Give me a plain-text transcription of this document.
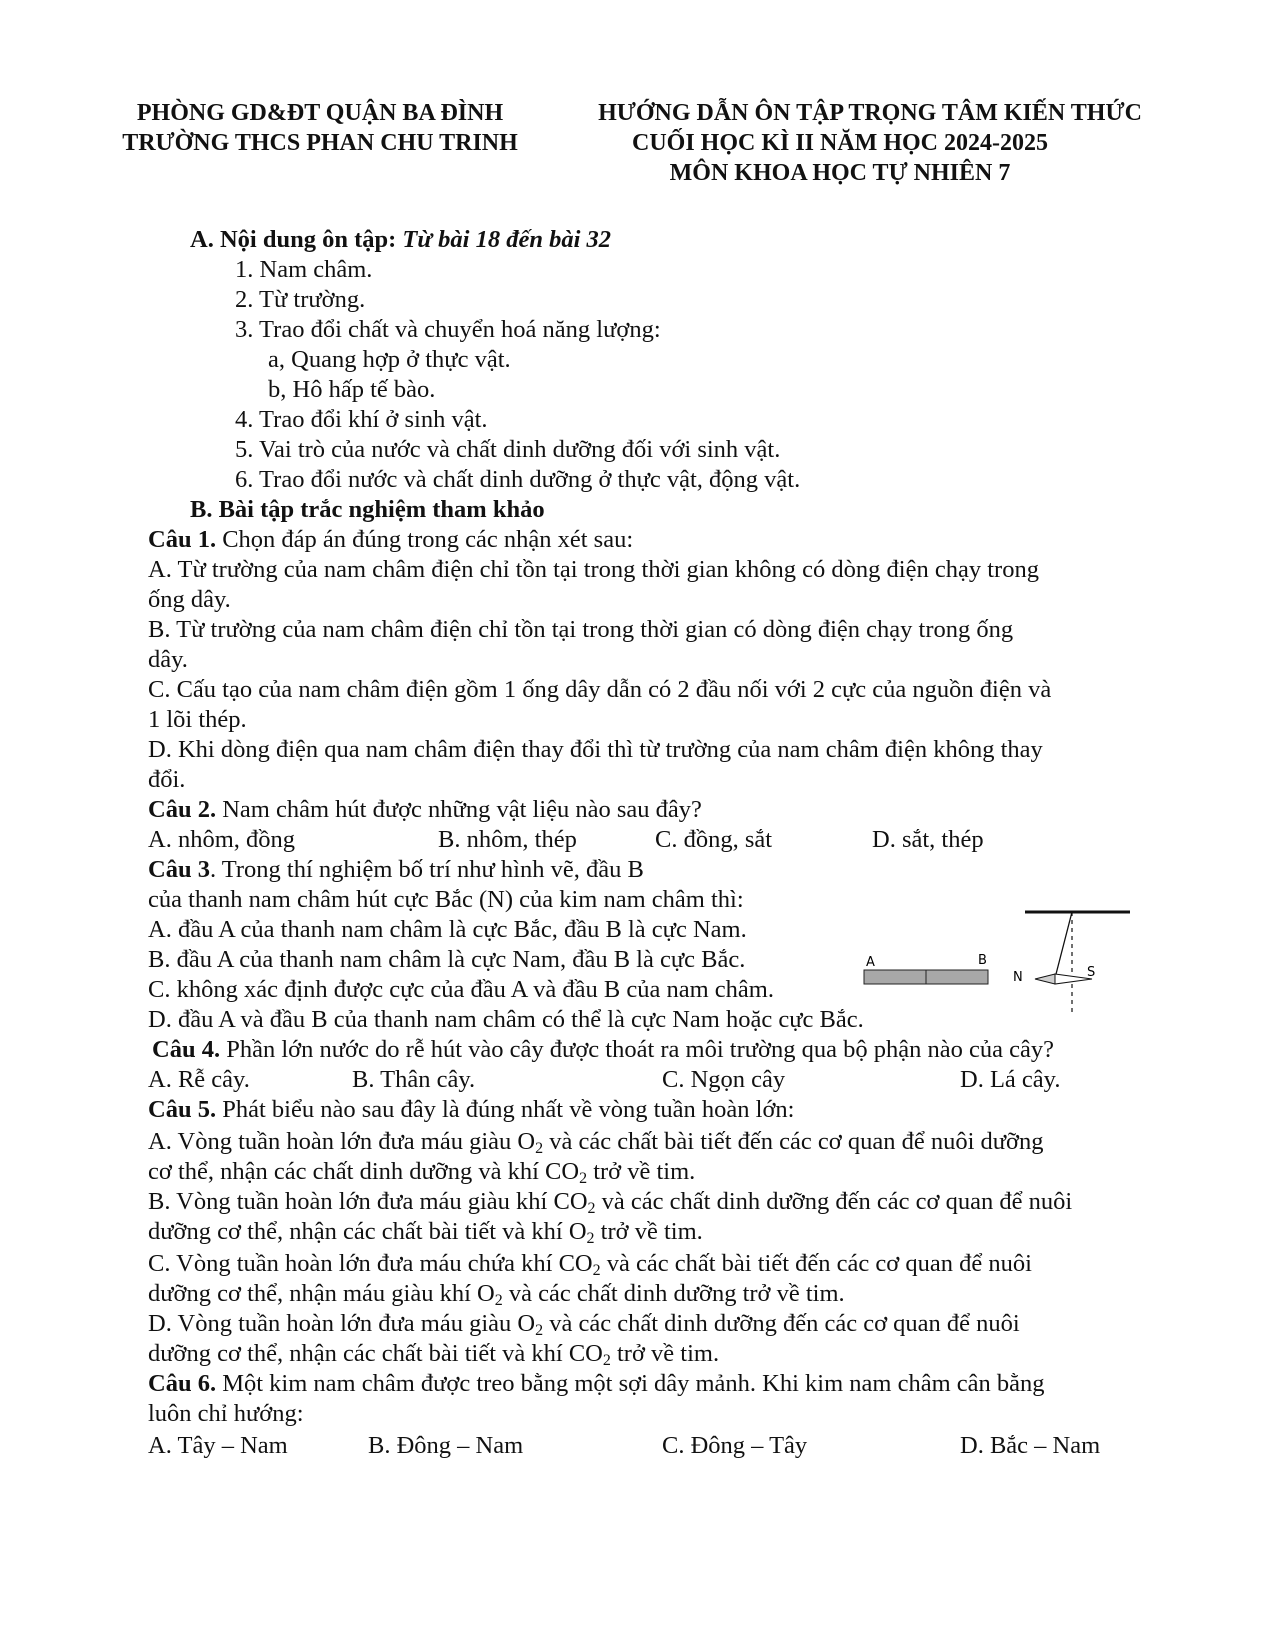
PHÒNG GD&ĐT QUẬN BA ĐÌNH
TRƯỜNG THCS PHAN CHU TRINH
HƯỚNG DẪN ÔN TẬP TRỌNG TÂM KIẾN THỨC
CUỐI HỌC KÌ II NĂM HỌC 2024-2025
MÔN KHOA HỌC TỰ NHIÊN 7
A. Nội dung ôn tập: Từ bài 18 đến bài 32
1. Nam châm.
2. Từ trường.
3. Trao đổi chất và chuyển hoá năng lượng:
a, Quang hợp ở thực vật.
b, Hô hấp tế bào.
4. Trao đổi khí ở sinh vật.
5. Vai trò của nước và chất dinh dưỡng đối với sinh vật.
6. Trao đổi nước và chất dinh dưỡng ở thực vật, động vật.
B. Bài tập trắc nghiệm tham khảo
Câu 1. Chọn đáp án đúng trong các nhận xét sau:
A. Từ trường của nam châm điện chỉ tồn tại trong thời gian không có dòng điện chạy trong
ống dây.
B. Từ trường của nam châm điện chỉ tồn tại trong thời gian có dòng điện chạy trong ống
dây.
C. Cấu tạo của nam châm điện gồm 1 ống dây dẫn có 2 đầu nối với 2 cực của nguồn điện và
1 lõi thép.
D. Khi dòng điện qua nam châm điện thay đổi thì từ trường của nam châm điện không thay
đổi.
Câu 2. Nam châm hút được những vật liệu nào sau đây?
A. nhôm, đồng	B. nhôm, thép	C. đồng, sắt	D. sắt, thép
Câu 3. Trong thí nghiệm bố trí như hình vẽ, đầu B
của thanh nam châm hút cực Bắc (N) của kim nam châm thì:
A. đầu A của thanh nam châm là cực Bắc, đầu B là cực Nam.
B. đầu A của thanh nam châm là cực Nam, đầu B là cực Bắc.
C. không xác định được cực của đầu A và đầu B của nam châm.
D. đầu A và đầu B của thanh nam châm có thể là cực Nam hoặc cực Bắc.
A	B
N	S
Câu 4. Phần lớn nước do rễ hút vào cây được thoát ra môi trường qua bộ phận nào của cây?
A. Rễ cây.	B. Thân cây.	C. Ngọn cây	D. Lá cây.
Câu 5. Phát biểu nào sau đây là đúng nhất về vòng tuần hoàn lớn:
A. Vòng tuần hoàn lớn đưa máu giàu $O_2$ và các chất bài tiết đến các cơ quan để nuôi dưỡng
cơ thể, nhận các chất dinh dưỡng và khí $CO_2$ trở về tim.
B. Vòng tuần hoàn lớn đưa máu giàu khí $CO_2$ và các chất dinh dưỡng đến các cơ quan để nuôi
dưỡng cơ thể, nhận các chất bài tiết và khí $O_2$ trở về tim.
C. Vòng tuần hoàn lớn đưa máu chứa khí $CO_2$ và các chất bài tiết đến các cơ quan để nuôi
dưỡng cơ thể, nhận máu giàu khí $O_2$ và các chất dinh dưỡng trở về tim.
D. Vòng tuần hoàn lớn đưa máu giàu $O_2$ và các chất dinh dưỡng đến các cơ quan để nuôi
dưỡng cơ thể, nhận các chất bài tiết và khí $CO_2$ trở về tim.
Câu 6. Một kim nam châm được treo bằng một sợi dây mảnh. Khi kim nam châm cân bằng
luôn chỉ hướng:
A. Tây – Nam	B. Đông – Nam	C. Đông – Tây	D. Bắc – Nam
